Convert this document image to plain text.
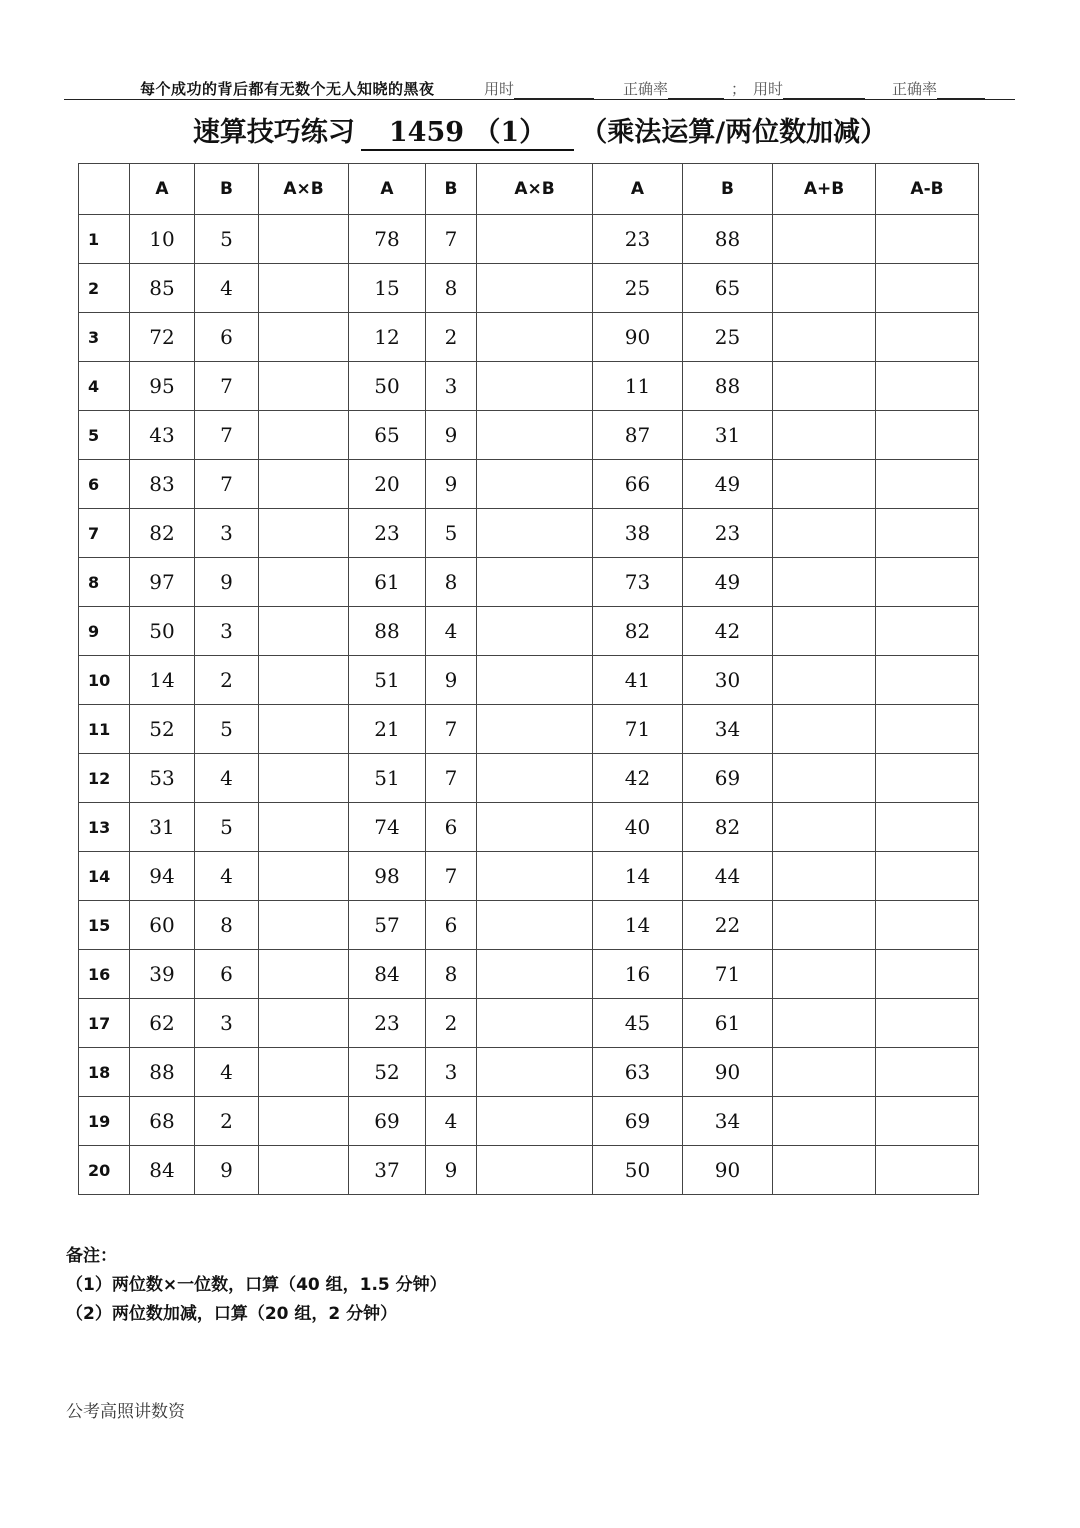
每个成功的背后都有无数个无人知晓的黑夜	用时	正确率	； 用时	正确率
速算技巧练习 1459 （1） （乘法运算/两位数加减）
	A	B	A×B	A	B	A×B	A	B	A+B	A-B
1	10	5		78	7		23	88		
2	85	4		15	8		25	65		
3	72	6		12	2		90	25		
4	95	7		50	3		11	88		
5	43	7		65	9		87	31		
6	83	7		20	9		66	49		
7	82	3		23	5		38	23		
8	97	9		61	8		73	49		
9	50	3		88	4		82	42		
10	14	2		51	9		41	30		
11	52	5		21	7		71	34		
12	53	4		51	7		42	69		
13	31	5		74	6		40	82		
14	94	4		98	7		14	44		
15	60	8		57	6		14	22		
16	39	6		84	8		16	71		
17	62	3		23	2		45	61		
18	88	4		52	3		63	90		
19	68	2		69	4		69	34		
20	84	9		37	9		50	90		
备注：
（1）两位数×一位数，口算（40 组，1.5 分钟）
（2）两位数加减，口算（20 组，2 分钟）
公考高照讲数资
